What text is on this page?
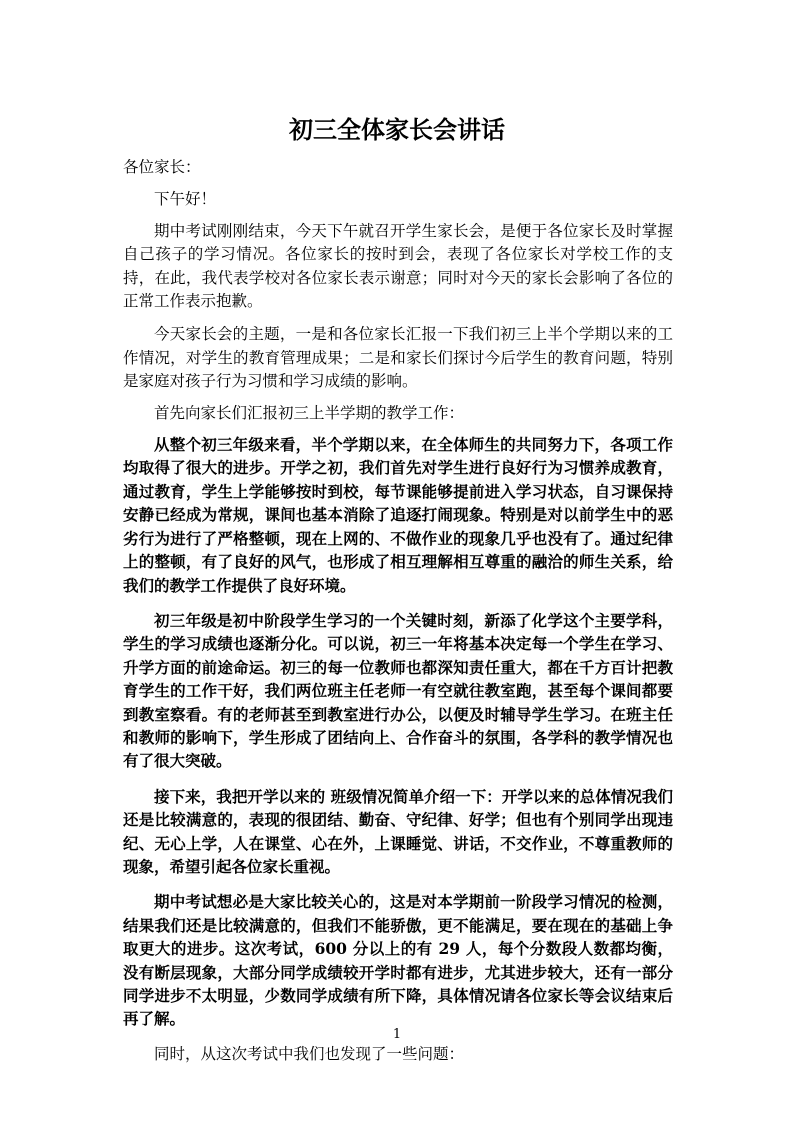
初三全体家长会讲话

各位家长：

下午好！

期中考试刚刚结束，今天下午就召开学生家长会，是便于各位家长及时掌握自己孩子的学习情况。各位家长的按时到会，表现了各位家长对学校工作的支持，在此，我代表学校对各位家长表示谢意；同时对今天的家长会影响了各位的正常工作表示抱歉。

今天家长会的主题，一是和各位家长汇报一下我们初三上半个学期以来的工作情况，对学生的教育管理成果；二是和家长们探讨今后学生的教育问题，特别是家庭对孩子行为习惯和学习成绩的影响。

首先向家长们汇报初三上半学期的教学工作：

从整个初三年级来看，半个学期以来，在全体师生的共同努力下，各项工作均取得了很大的进步。开学之初，我们首先对学生进行良好行为习惯养成教育，通过教育，学生上学能够按时到校，每节课能够提前进入学习状态，自习课保持安静已经成为常规，课间也基本消除了追逐打闹现象。特别是对以前学生中的恶劣行为进行了严格整顿，现在上网的、不做作业的现象几乎也没有了。通过纪律上的整顿，有了良好的风气，也形成了相互理解相互尊重的融洽的师生关系，给我们的教学工作提供了良好环境。

初三年级是初中阶段学生学习的一个关键时刻，新添了化学这个主要学科，学生的学习成绩也逐渐分化。可以说，初三一年将基本决定每一个学生在学习、升学方面的前途命运。初三的每一位教师也都深知责任重大，都在千方百计把教育学生的工作干好，我们两位班主任老师一有空就往教室跑，甚至每个课间都要到教室察看。有的老师甚至到教室进行办公，以便及时辅导学生学习。在班主任和教师的影响下，学生形成了团结向上、合作奋斗的氛围，各学科的教学情况也有了很大突破。

接下来，我把开学以来的 班级情况简单介绍一下：开学以来的总体情况我们还是比较满意的，表现的很团结、勤奋、守纪律、好学；但也有个别同学出现违纪、无心上学，人在课堂、心在外，上课睡觉、讲话，不交作业，不尊重教师的现象，希望引起各位家长重视。

期中考试想必是大家比较关心的，这是对本学期前一阶段学习情况的检测，结果我们还是比较满意的，但我们不能骄傲，更不能满足，要在现在的基础上争取更大的进步。这次考试，600 分以上的有 29 人，每个分数段人数都均衡，没有断层现象，大部分同学成绩较开学时都有进步，尤其进步较大，还有一部分同学进步不太明显，少数同学成绩有所下降，具体情况请各位家长等会议结束后再了解。

同时，从这次考试中我们也发现了一些问题：

1
